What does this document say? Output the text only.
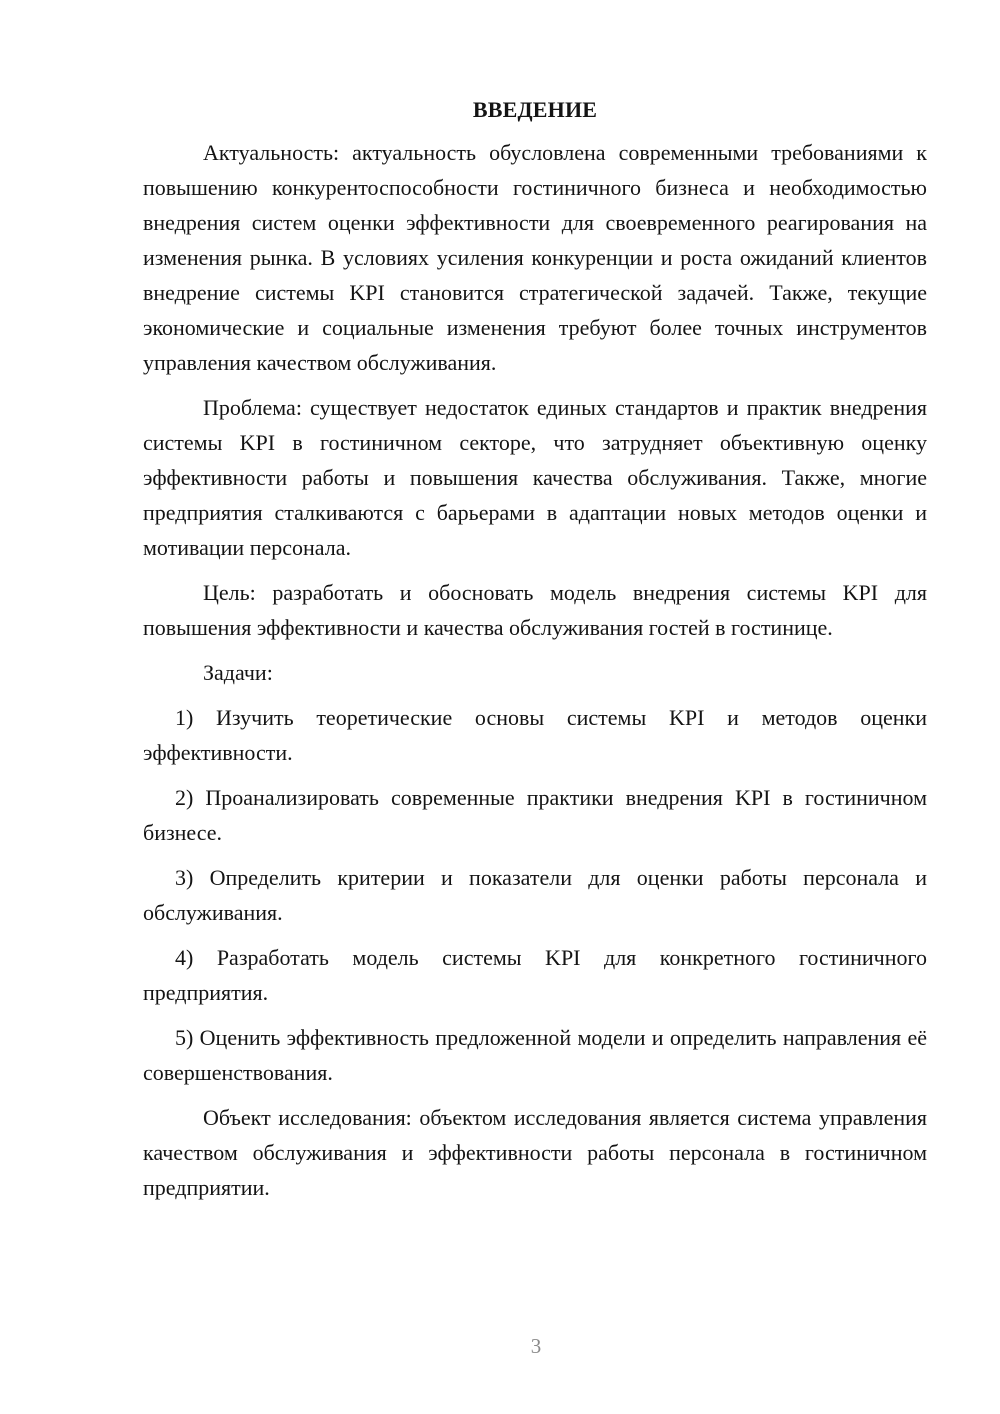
ВВЕДЕНИЕ

Актуальность: актуальность обусловлена современными требованиями к повышению конкурентоспособности гостиничного бизнеса и необходимостью внедрения систем оценки эффективности для своевременного реагирования на изменения рынка. В условиях усиления конкуренции и роста ожиданий клиентов внедрение системы KPI становится стратегической задачей. Также, текущие экономические и социальные изменения требуют более точных инструментов управления качеством обслуживания.

Проблема: существует недостаток единых стандартов и практик внедрения системы KPI в гостиничном секторе, что затрудняет объективную оценку эффективности работы и повышения качества обслуживания. Также, многие предприятия сталкиваются с барьерами в адаптации новых методов оценки и мотивации персонала.

Цель: разработать и обосновать модель внедрения системы KPI для повышения эффективности и качества обслуживания гостей в гостинице.

Задачи:

1) Изучить теоретические основы системы KPI и методов оценки эффективности.

2) Проанализировать современные практики внедрения KPI в гостиничном бизнесе.

3) Определить критерии и показатели для оценки работы персонала и обслуживания.

4) Разработать модель системы KPI для конкретного гостиничного предприятия.

5) Оценить эффективность предложенной модели и определить направления её совершенствования.

Объект исследования: объектом исследования является система управления качеством обслуживания и эффективности работы персонала в гостиничном предприятии.

3
